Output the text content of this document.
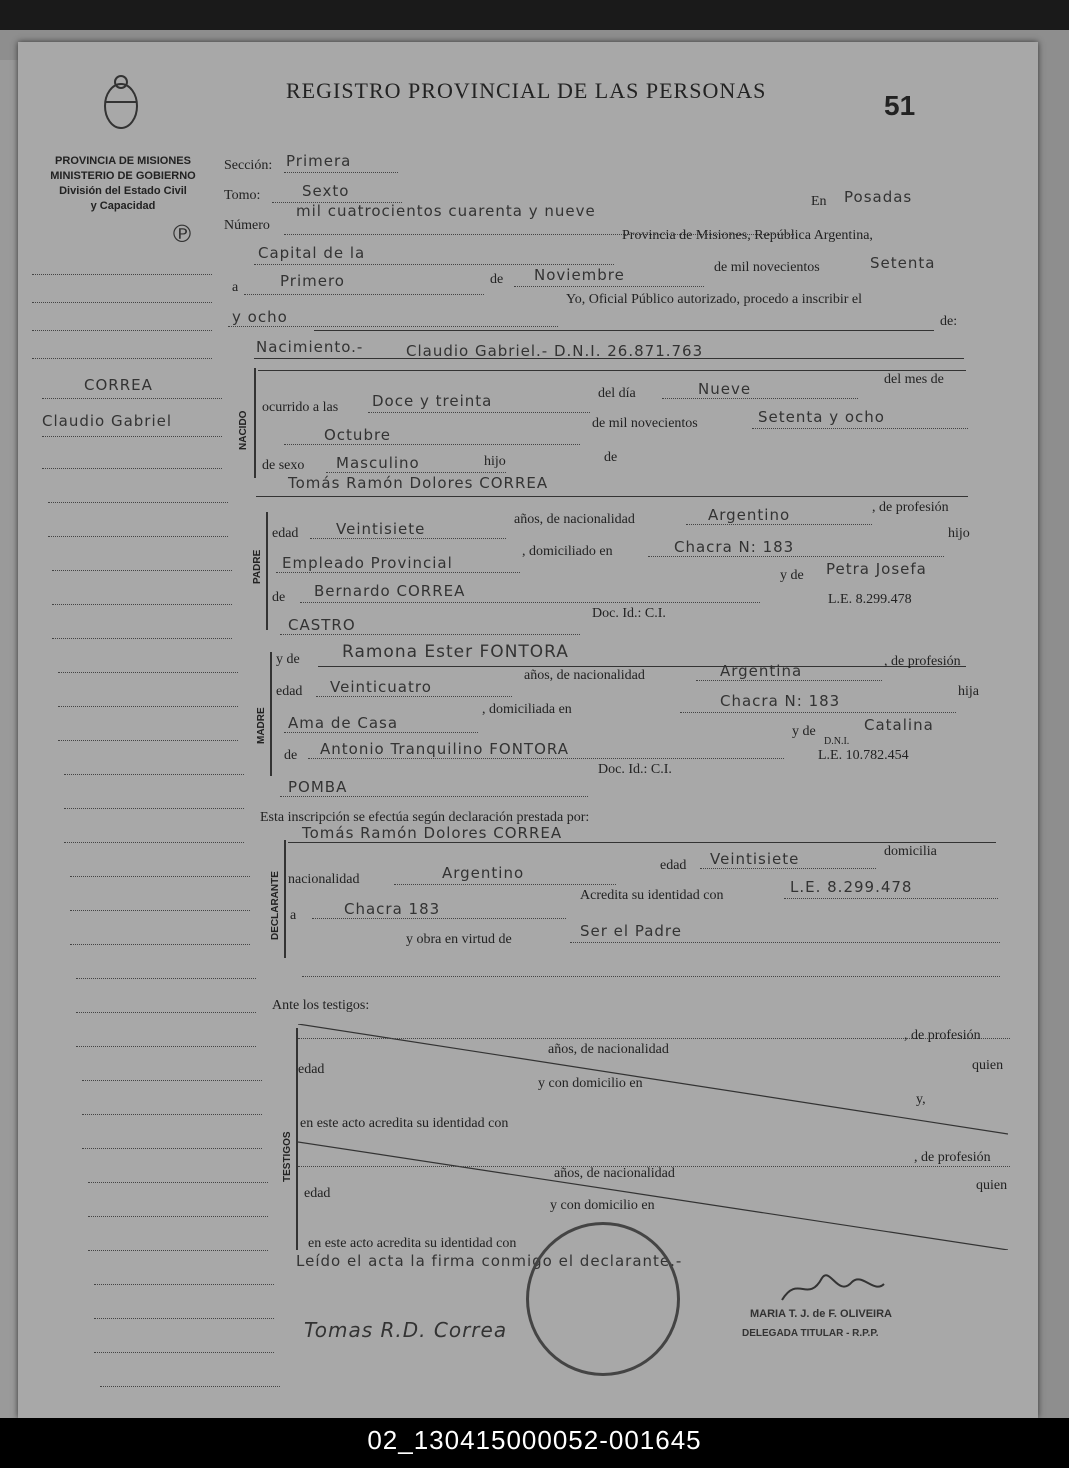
REGISTRO PROVINCIAL DE LAS PERSONAS	51
PROVINCIA DE MISIONES
MINISTERIO DE GOBIERNO
División del Estado Civil
y Capacidad
℗
CORREA
Claudio Gabriel
Sección: Primera
Tomo:	Sexto
Número
mil cuatrocientos cuarenta y nueve
En Posadas
Capital de la
Provincia de Misiones, República Argentina,
a	Primero	de Noviembre	de mil novecientos	Setenta
y ocho
Yo, Oficial Público autorizado, procedo a inscribir el
de:
Nacimiento.-
NACIDO
Claudio Gabriel.- D.N.I. 26.871.763
ocurrido a las Doce y treinta	del día	Nueve
del mes de
Octubre
de mil novecientos	Setenta y ocho
de sexo Masculino	hijo	de
PADRE
Tomás Ramón Dolores CORREA
edad	Veintisiete
años, de nacionalidad	Argentino	, de profesión
Empleado Provincial
, domiciliado en	Chacra N: 183
hijo
de Bernardo CORREA
y de Petra Josefa
CASTRO
Doc. Id.: C.I.
L.E. 8.299.478
MADRE
y de Ramona Ester FONTORA
edad Veinticuatro
años, de nacionalidad	Argentina
, de profesión
Ama de Casa
, domiciliada en	Chacra N: 183
hija
de Antonio Tranquilino FONTORA
y de	Catalina
POMBA
Doc. Id.: C.I.
D.N.I.
L.E. 10.782.454
Esta inscripción se efectúa según declaración prestada por:
DECLARANTE
Tomás Ramón Dolores CORREA
nacionalidad	Argentino	edad Veintisiete	domicilia
a	Chacra 183
Acredita su identidad con	L.E. 8.299.478
y obra en virtud de	Ser el Padre
Ante los testigos:
TESTIGOS
edad
años, de nacionalidad
, de profesión
y con domicilio en
quien
y,
en este acto acredita su identidad con
edad
años, de nacionalidad
, de profesión
y con domicilio en
quien
en este acto acredita su identidad con
Leído el acta la firma conmigo el declarante.-
Tomas R.D. Correa
MARIA T. J. de F. OLIVEIRA
DELEGADA TITULAR - R.P.P.
02_130415000052-001645
